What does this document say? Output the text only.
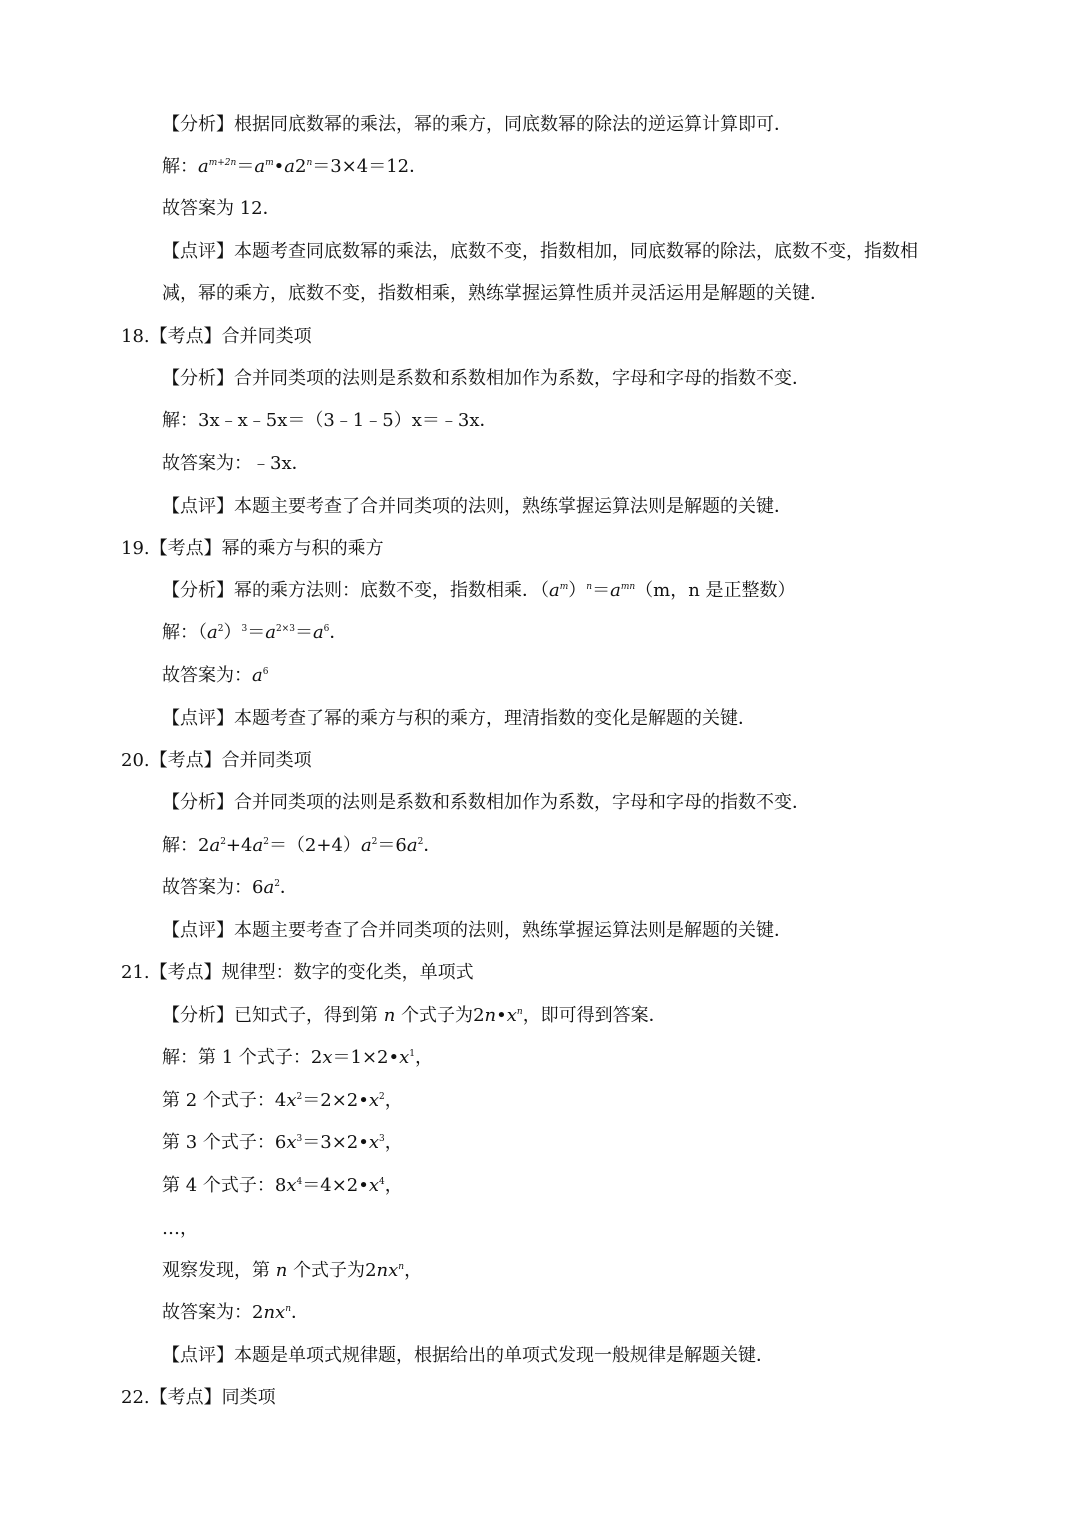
【分析】根据同底数幂的乘法，幂的乘方，同底数幂的除法的逆运算计算即可．
解：$a^{m+2n}=a^m•a2^n=3\times 4=12$．
故答案为 12．
【点评】本题考查同底数幂的乘法，底数不变，指数相加，同底数幂的除法，底数不变，指数相
减，幂的乘方，底数不变，指数相乘，熟练掌握运算性质并灵活运用是解题的关键．
18.【考点】合并同类项
【分析】合并同类项的法则是系数和系数相加作为系数，字母和字母的指数不变．
解：3x﹣x﹣5x＝（3﹣1﹣5）x＝﹣3x．
故答案为：﹣3x．
【点评】本题主要考查了合并同类项的法则，熟练掌握运算法则是解题的关键．
19.【考点】幂的乘方与积的乘方
【分析】幂的乘方法则：底数不变，指数相乘．$(a^m)^n=a^{mn}(m$，n 是正整数）
解：$(a^2)^3=a^{2\times 3}=a^6$．
故答案为：$a^6$
【点评】本题考查了幂的乘方与积的乘方，理清指数的变化是解题的关键．
20.【考点】合并同类项
【分析】合并同类项的法则是系数和系数相加作为系数，字母和字母的指数不变．
解：$2a^2+4a^2=(2+4)a^2=6a^2$．
故答案为：$6a^2$．
【点评】本题主要考查了合并同类项的法则，熟练掌握运算法则是解题的关键．
21.【考点】规律型：数字的变化类，单项式
【分析】已知式子，得到第 n 个式子为$2n•x^n$，即可得到答案．
解：第 1 个式子：$2x=1\times 2•x^1$，
第 2 个式子：$4x^2=2\times 2•x^2$，
第 3 个式子：$6x^3=3\times 2•x^3$，
第 4 个式子：$8x^4=4\times 2•x^4$，
…，
观察发现，第 n 个式子为$2nx^n$，
故答案为：$2nx^n$．
【点评】本题是单项式规律题，根据给出的单项式发现一般规律是解题关键．
22.【考点】同类项
